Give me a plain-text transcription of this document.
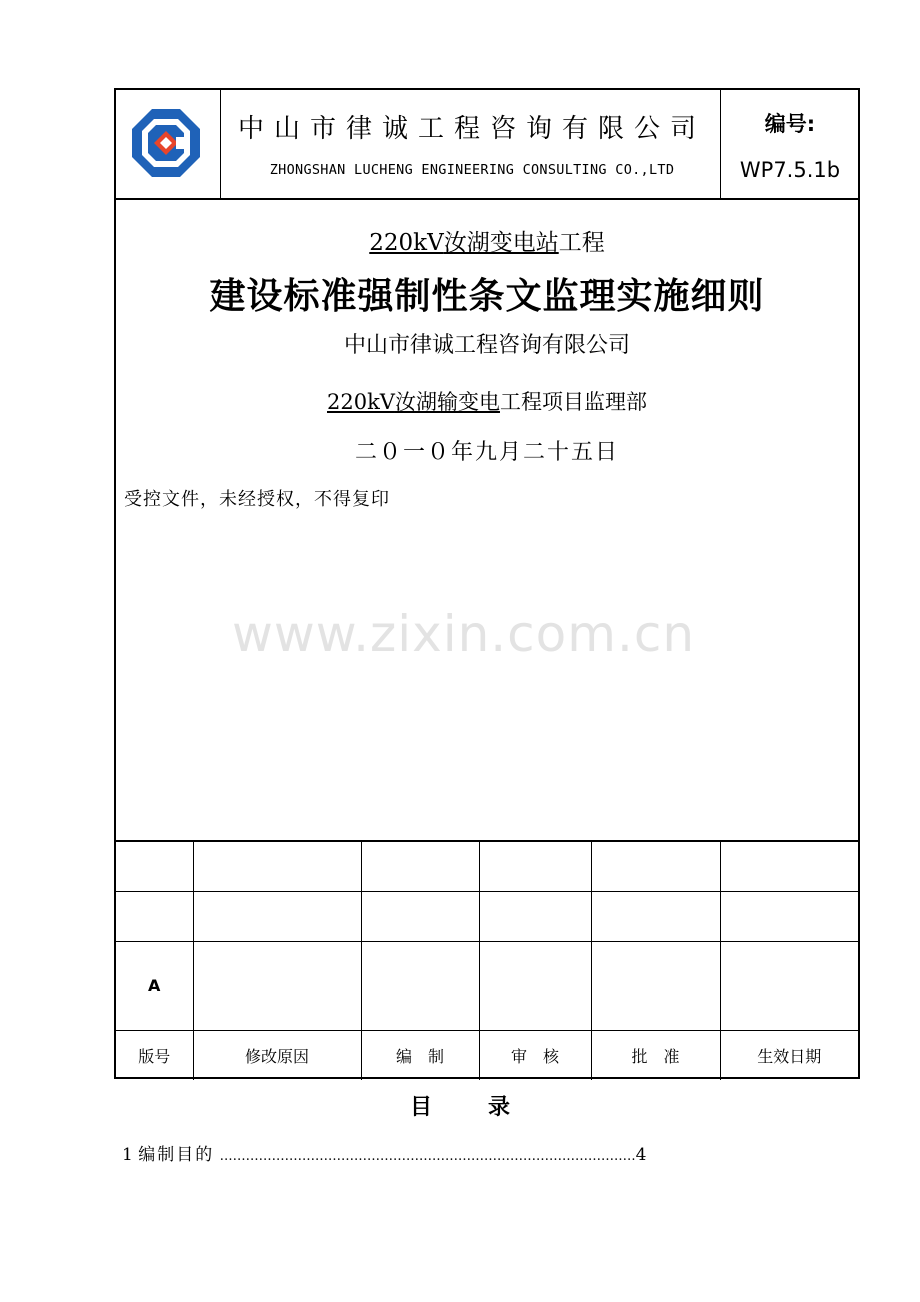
中山市律诚工程咨询有限公司
ZHONGSHAN LUCHENG ENGINEERING CONSULTING CO.,LTD
编号:
WP7.5.1b
220kV汝湖变电站工程
建设标准强制性条文监理实施细则
中山市律诚工程咨询有限公司
220kV汝湖输变电工程项目监理部
二０一０年九月二十五日
受控文件，未经授权，不得复印

A					
版号	修改原因	编　制	审　核	批　准	生效日期
www.zixin.com.cn
目	录
1 编制目的 ……………………………………………………………………………………4
